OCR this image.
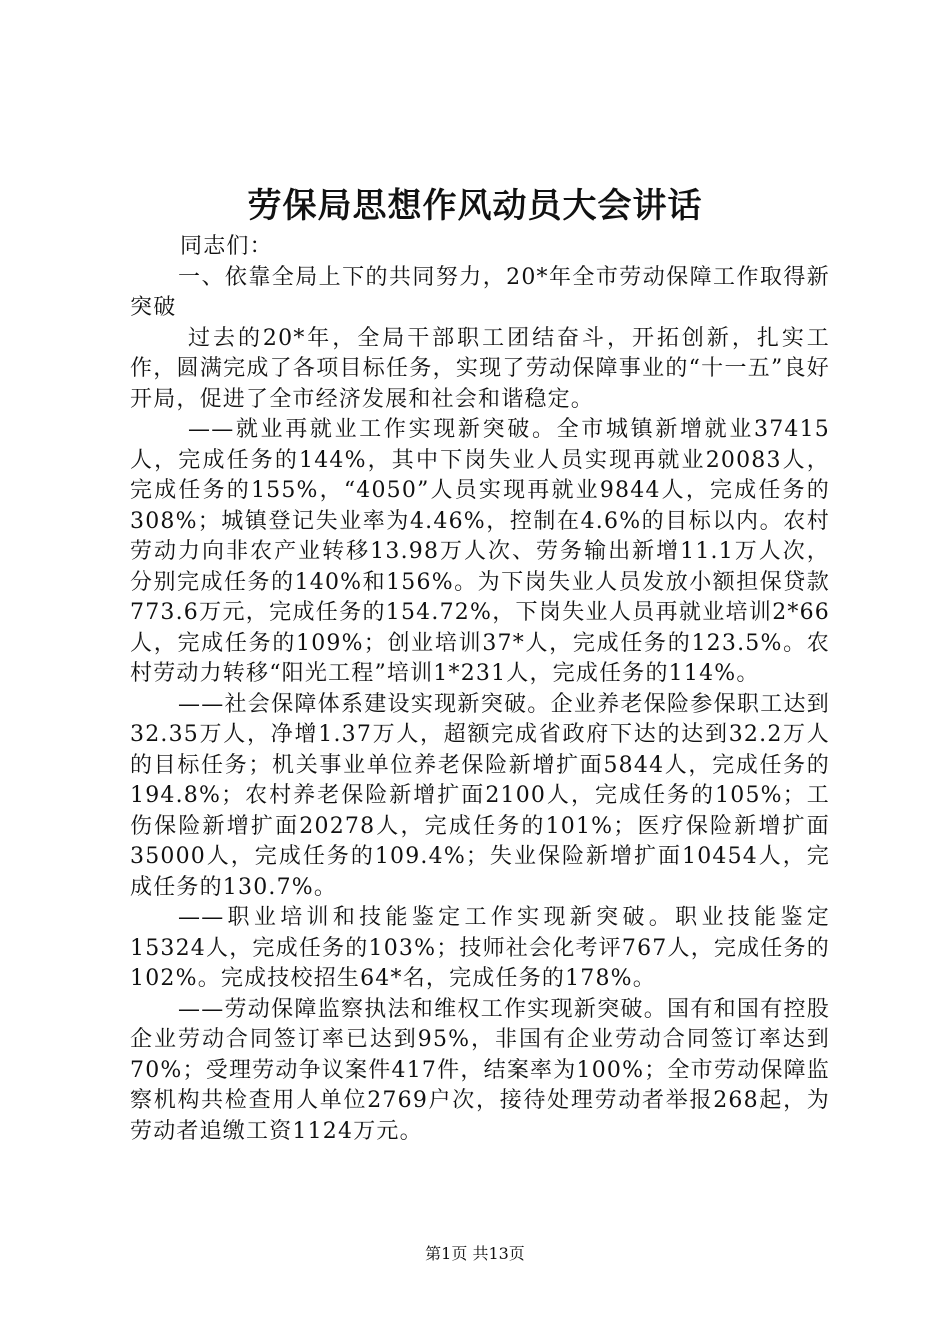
劳保局思想作风动员大会讲话

同志们：

一、依靠全局上下的共同努力，20*年全市劳动保障工作取得新突破

过去的20*年，全局干部职工团结奋斗，开拓创新，扎实工作，圆满完成了各项目标任务，实现了劳动保障事业的“十一五”良好开局，促进了全市经济发展和社会和谐稳定。

——就业再就业工作实现新突破。全市城镇新增就业37415人，完成任务的144%，其中下岗失业人员实现再就业20083人，完成任务的155%，“4050”人员实现再就业9844人，完成任务的308%；城镇登记失业率为4.46%，控制在4.6%的目标以内。农村劳动力向非农产业转移13.98万人次、劳务输出新增11.1万人次，分别完成任务的140%和156%。为下岗失业人员发放小额担保贷款773.6万元，完成任务的154.72%，下岗失业人员再就业培训2*66人，完成任务的109%；创业培训37*人，完成任务的123.5%。农村劳动力转移“阳光工程”培训1*231人，完成任务的114%。

——社会保障体系建设实现新突破。企业养老保险参保职工达到32.35万人，净增1.37万人，超额完成省政府下达的达到32.2万人的目标任务；机关事业单位养老保险新增扩面5844人，完成任务的194.8%；农村养老保险新增扩面2100人，完成任务的105%；工伤保险新增扩面20278人，完成任务的101%；医疗保险新增扩面35000人，完成任务的109.4%；失业保险新增扩面10454人，完成任务的130.7%。

——职业培训和技能鉴定工作实现新突破。职业技能鉴定15324人，完成任务的103%；技师社会化考评767人，完成任务的102%。完成技校招生64*名，完成任务的178%。

——劳动保障监察执法和维权工作实现新突破。国有和国有控股企业劳动合同签订率已达到95%，非国有企业劳动合同签订率达到70%；受理劳动争议案件417件，结案率为100%；全市劳动保障监察机构共检查用人单位2769户次，接待处理劳动者举报268起，为劳动者追缴工资1124万元。

第1页 共13页
